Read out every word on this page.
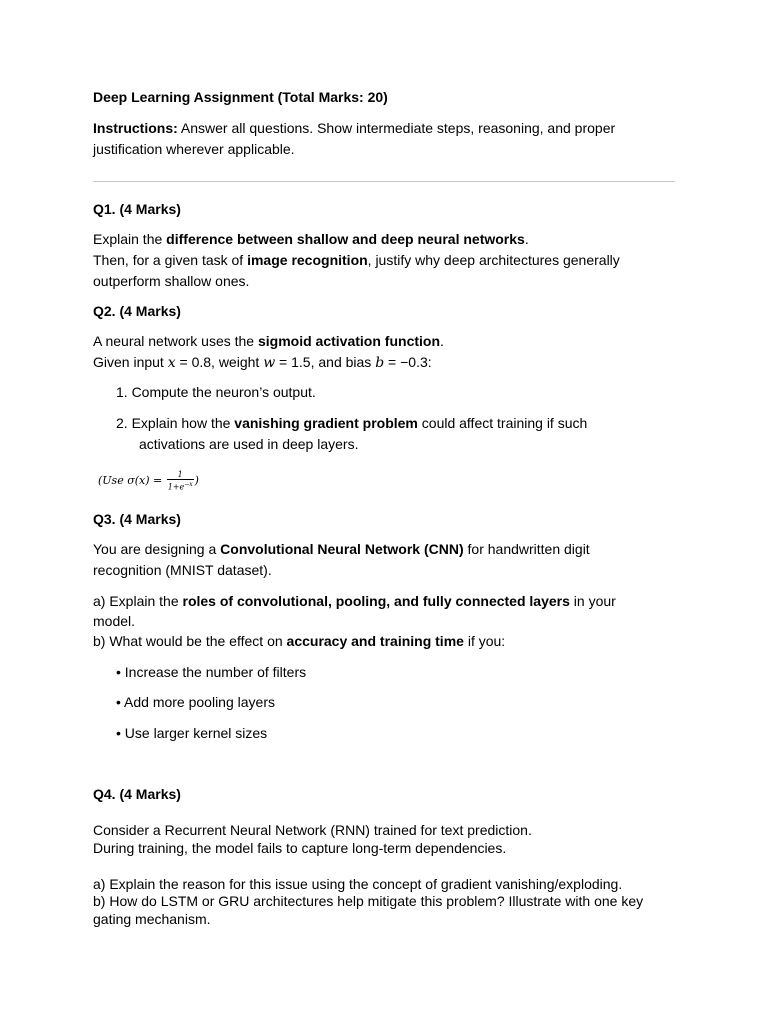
Deep Learning Assignment (Total Marks: 20)
Instructions: Answer all questions. Show intermediate steps, reasoning, and proper
justification wherever applicable.
Q1. (4 Marks)
Explain the difference between shallow and deep neural networks.
Then, for a given task of image recognition, justify why deep architectures generally
outperform shallow ones.
Q2. (4 Marks)
A neural network uses the sigmoid activation function.
Given input x = 0.8, weight w = 1.5, and bias b = −0.3:
1. Compute the neuron’s output.
2. Explain how the vanishing gradient problem could affect training if such
activations are used in deep layers.
(Use $\sigma(x) = \frac{1}{1+e^{-x}}$ )
Q3. (4 Marks)
You are designing a Convolutional Neural Network (CNN) for handwritten digit
recognition (MNIST dataset).
a) Explain the roles of convolutional, pooling, and fully connected layers in your
model.
b) What would be the effect on accuracy and training time if you:
• Increase the number of filters
• Add more pooling layers
• Use larger kernel sizes
Q4. (4 Marks)
Consider a Recurrent Neural Network (RNN) trained for text prediction.
During training, the model fails to capture long-term dependencies.
a) Explain the reason for this issue using the concept of gradient vanishing/exploding.
b) How do LSTM or GRU architectures help mitigate this problem? Illustrate with one key
gating mechanism.
